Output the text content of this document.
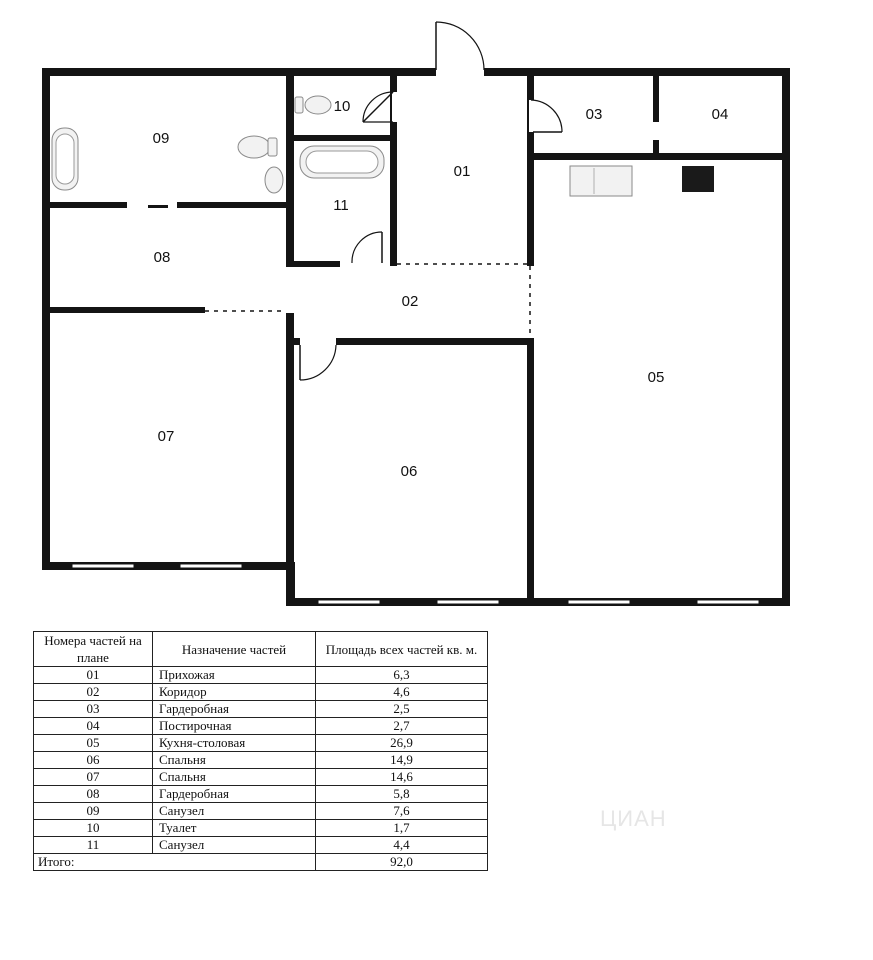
01
02
03	04
05
06
07
08
09
10
11
Номера частей на плане	Назначение частей	Площадь всех частей кв. м.
01	Прихожая	6,3
02	Коридор	4,6
03	Гардеробная	2,5
04	Постирочная	2,7
05	Кухня-столовая	26,9
06	Спальня	14,9
07	Спальня	14,6
08	Гардеробная	5,8
09	Санузел	7,6
10	Туалет	1,7
11	Санузел	4,4
Итого:		92,0
ЦИАН
